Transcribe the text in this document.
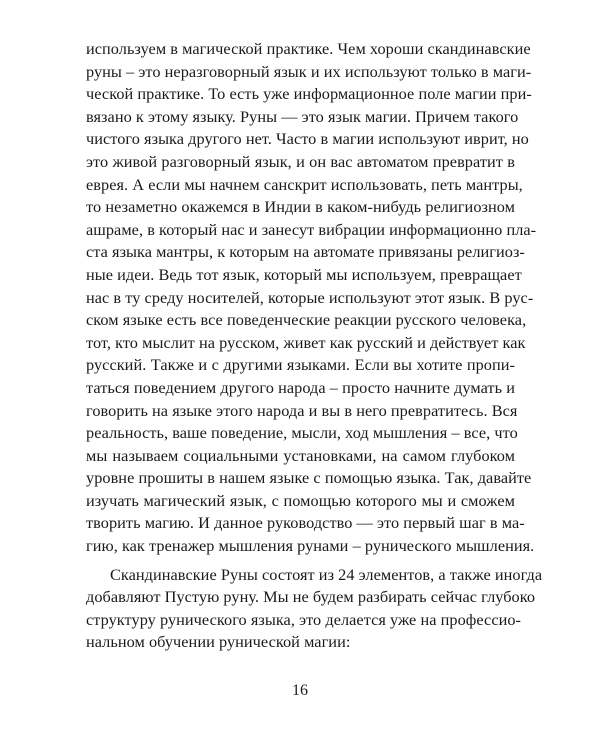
используем в магической практике. Чем хороши скандинавские
руны – это неразговорный язык и их используют только в маги-
ческой практике. То есть уже информационное поле магии при-
вязано к этому языку. Руны — это язык магии. Причем такого
чистого языка другого нет. Часто в магии используют иврит, но
это живой разговорный язык, и он вас автоматом превратит в
еврея. А если мы начнем санскрит использовать, петь мантры,
то незаметно окажемся в Индии в каком-нибудь религиозном
ашраме, в который нас и занесут вибрации информационно пла-
ста языка мантры, к которым на автомате привязаны религиоз-
ные идеи. Ведь тот язык, который мы используем, превращает
нас в ту среду носителей, которые используют этот язык. В рус-
ском языке есть все поведенческие реакции русского человека,
тот, кто мыслит на русском, живет как русский и действует как
русский. Также и с другими языками. Если вы хотите пропи-
таться поведением другого народа – просто начните думать и
говорить на языке этого народа и вы в него превратитесь. Вся
реальность, ваше поведение, мысли, ход мышления – все, что
мы называем социальными установками, на самом глубоком
уровне прошиты в нашем языке с помощью языка. Так, давайте
изучать магический язык, с помощью которого мы и сможем
творить магию. И данное руководство — это первый шаг в ма-
гию, как тренажер мышления рунами – рунического мышления.
Скандинавские Руны состоят из 24 элементов, а также иногда
добавляют Пустую руну. Мы не будем разбирать сейчас глубоко
структуру рунического языка, это делается уже на профессио-
нальном обучении рунической магии:
16
